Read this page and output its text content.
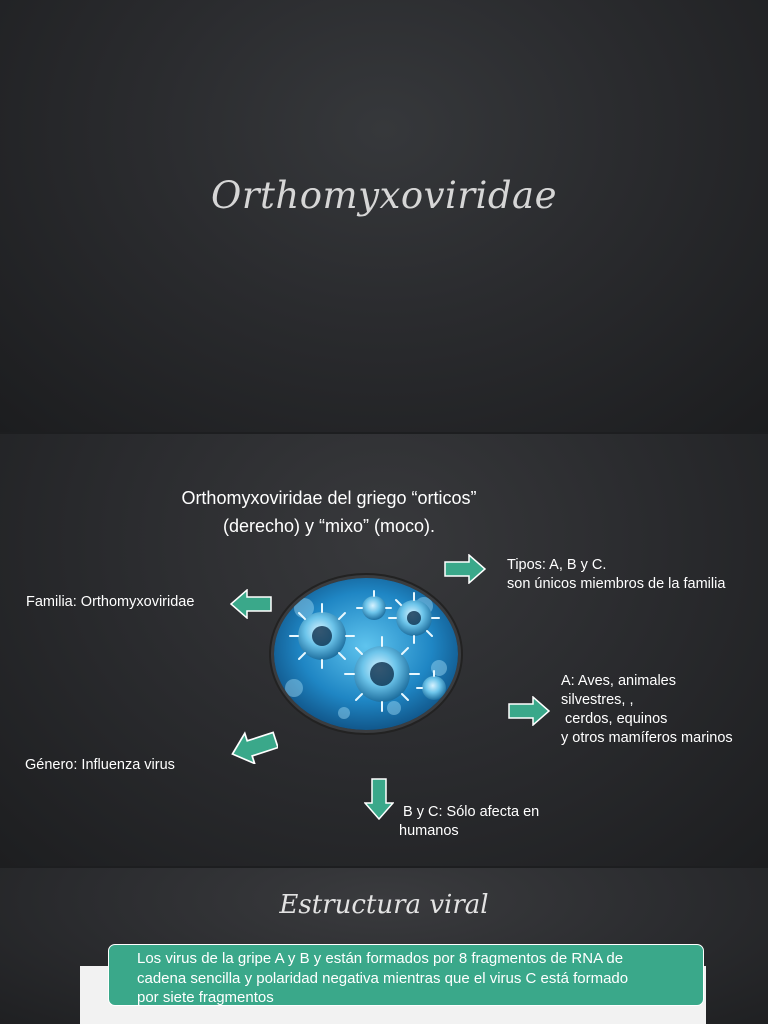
Orthomyxoviridae
Orthomyxoviridae del griego “orticos”
(derecho) y “mixo” (moco).
Tipos: A, B y C.
son únicos miembros de la familia
Familia: Orthomyxoviridae
A: Aves, animales
silvestres, ,
cerdos, equinos
y otros mamíferos marinos
Género: Influenza virus
B y C: Sólo afecta en
humanos
Estructura viral
Los virus de la gripe A y B y están formados por 8 fragmentos de RNA de
cadena sencilla y polaridad negativa mientras que el virus C está formado
por siete fragmentos
